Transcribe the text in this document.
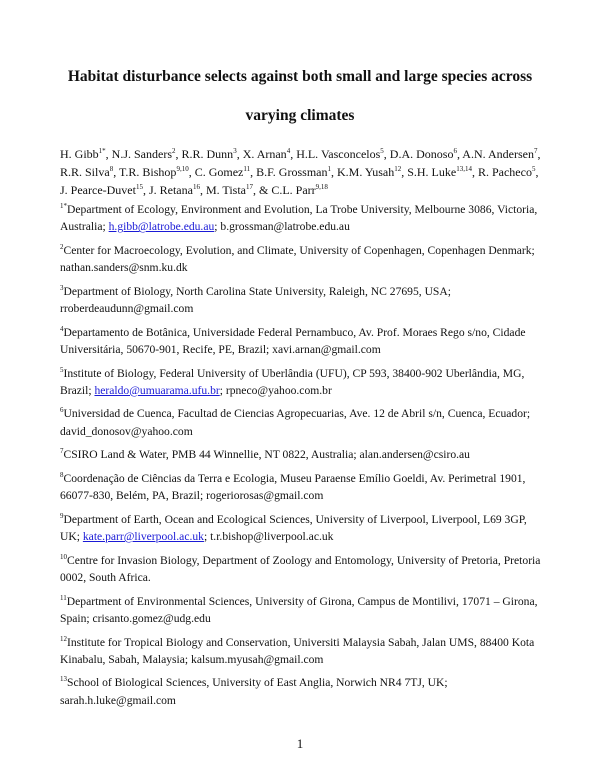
Habitat disturbance selects against both small and large species across
varying climates
H. Gibb$^{1*}$, N.J. Sanders$^2$, R.R. Dunn$^3$, X. Arnan$^4$, H.L. Vasconcelos$^5$, D.A. Donoso$^6$, A.N. Andersen$^7$, R.R. Silva$^8$, T.R. Bishop$^{9,10}$, C. Gomez$^{11}$, B.F. Grossman$^1$, K.M. Yusah$^{12}$, S.H. Luke$^{13,14}$, R. Pacheco$^5$, J. Pearce-Duvet$^{15}$, J. Retana$^{16}$, M. Tista$^{17}$, & C.L. Parr$^{9,18}$
$^{1*}$Department of Ecology, Environment and Evolution, La Trobe University, Melbourne 3086, Victoria, Australia; h.gibb@latrobe.edu.au; b.grossman@latrobe.edu.au
$^2$Center for Macroecology, Evolution, and Climate, University of Copenhagen, Copenhagen Denmark; nathan.sanders@snm.ku.dk
$^3$Department of Biology, North Carolina State University, Raleigh, NC 27695, USA; rroberdeaudunn@gmail.com
$^4$Departamento de Botânica, Universidade Federal Pernambuco, Av. Prof. Moraes Rego s/no, Cidade Universitária, 50670-901, Recife, PE, Brazil; xavi.arnan@gmail.com
$^5$Institute of Biology, Federal University of Uberlândia (UFU), CP 593, 38400-902 Uberlândia, MG, Brazil; heraldo@umuarama.ufu.br; rpneco@yahoo.com.br
$^6$Universidad de Cuenca, Facultad de Ciencias Agropecuarias, Ave. 12 de Abril s/n, Cuenca, Ecuador; david_donosov@yahoo.com
$^7$CSIRO Land & Water, PMB 44 Winnellie, NT 0822, Australia; alan.andersen@csiro.au
$^8$Coordenação de Ciências da Terra e Ecologia, Museu Paraense Emílio Goeldi, Av. Perimetral 1901, 66077-830, Belém, PA, Brazil; rogeriorosas@gmail.com
$^9$Department of Earth, Ocean and Ecological Sciences, University of Liverpool, Liverpool, L69 3GP, UK; kate.parr@liverpool.ac.uk; t.r.bishop@liverpool.ac.uk
$^{10}$Centre for Invasion Biology, Department of Zoology and Entomology, University of Pretoria, Pretoria 0002, South Africa.
$^{11}$Department of Environmental Sciences, University of Girona, Campus de Montilivi, 17071 – Girona, Spain; crisanto.gomez@udg.edu
$^{12}$Institute for Tropical Biology and Conservation, Universiti Malaysia Sabah, Jalan UMS, 88400 Kota Kinabalu, Sabah, Malaysia; kalsum.myusah@gmail.com
$^{13}$School of Biological Sciences, University of East Anglia, Norwich NR4 7TJ, UK; sarah.h.luke@gmail.com
1
